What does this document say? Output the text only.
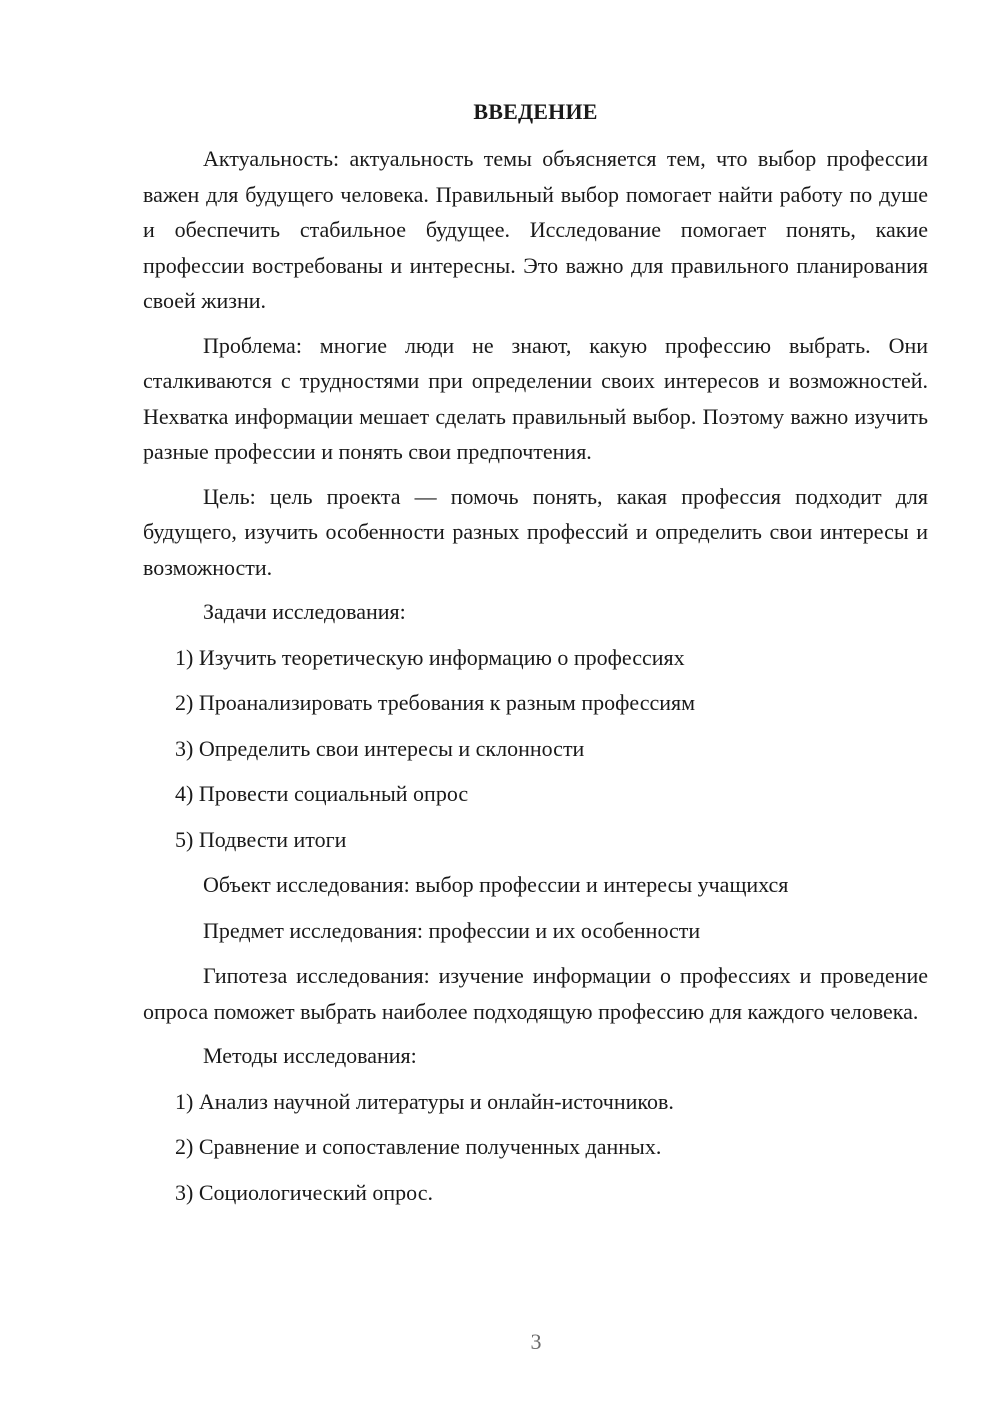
ВВЕДЕНИЕ

Актуальность: актуальность темы объясняется тем, что выбор профессии важен для будущего человека. Правильный выбор помогает найти работу по душе и обеспечить стабильное будущее. Исследование помогает понять, какие профессии востребованы и интересны. Это важно для правильного планирования своей жизни.

Проблема: многие люди не знают, какую профессию выбрать. Они сталкиваются с трудностями при определении своих интересов и возможностей. Нехватка информации мешает сделать правильный выбор. Поэтому важно изучить разные профессии и понять свои предпочтения.

Цель: цель проекта — помочь понять, какая профессия подходит для будущего, изучить особенности разных профессий и определить свои интересы и возможности.

Задачи исследования:
1) Изучить теоретическую информацию о профессиях
2) Проанализировать требования к разным профессиям
3) Определить свои интересы и склонности
4) Провести социальный опрос
5) Подвести итоги
Объект исследования: выбор профессии и интересы учащихся
Предмет исследования: профессии и их особенности

Гипотеза исследования: изучение информации о профессиях и проведение опроса поможет выбрать наиболее подходящую профессию для каждого человека.

Методы исследования:
1) Анализ научной литературы и онлайн-источников.
2) Сравнение и сопоставление полученных данных.
3) Социологический опрос.
3
